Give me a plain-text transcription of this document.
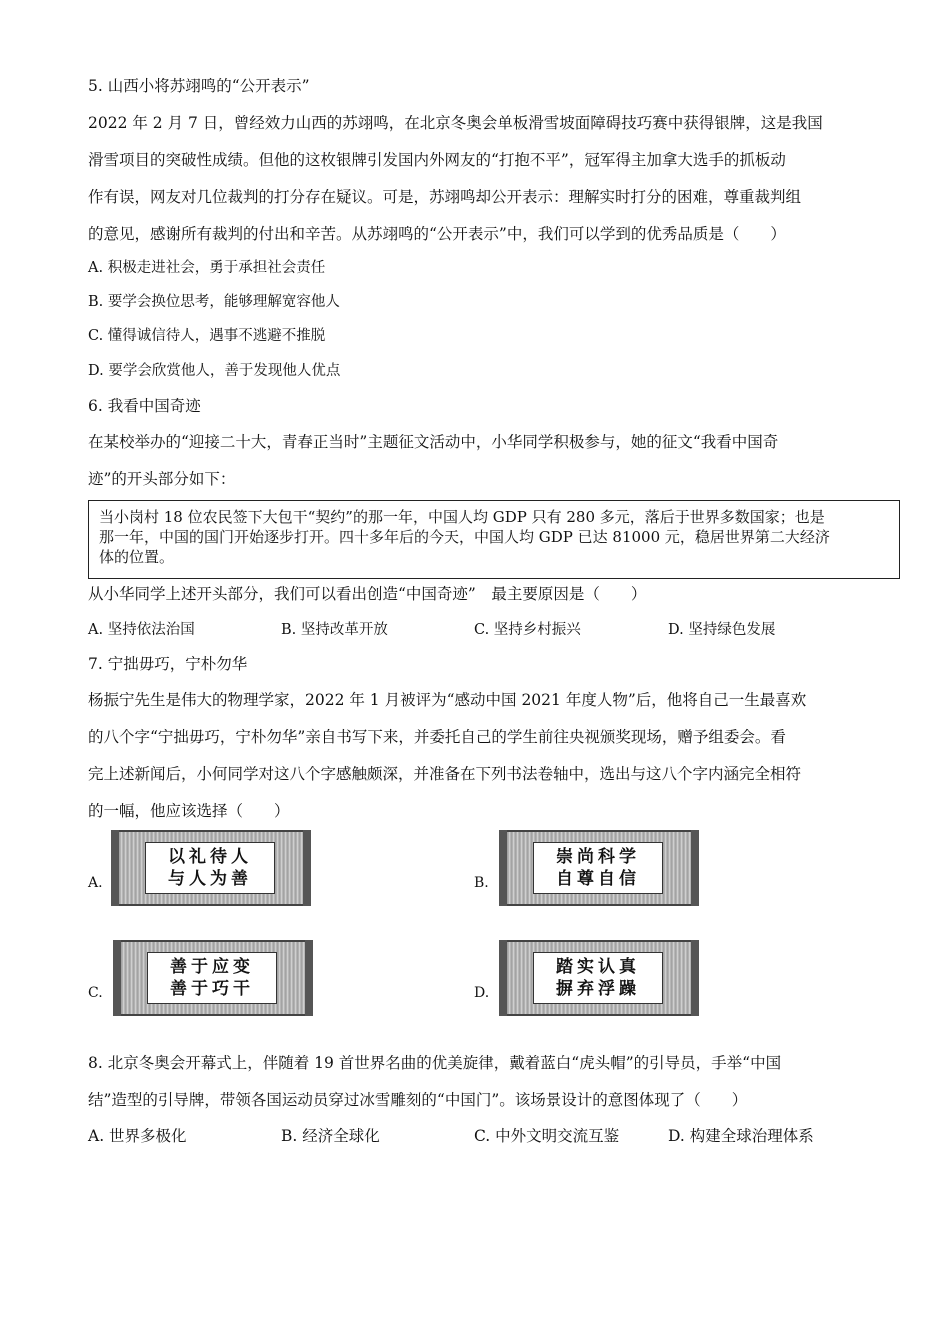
5. 山西小将苏翊鸣的“公开表示”
2022 年 2 月 7 日，曾经效力山西的苏翊鸣，在北京冬奥会单板滑雪坡面障碍技巧赛中获得银牌，这是我国
滑雪项目的突破性成绩。但他的这枚银牌引发国内外网友的“打抱不平”，冠军得主加拿大选手的抓板动
作有误，网友对几位裁判的打分存在疑议。可是，苏翊鸣却公开表示：理解实时打分的困难，尊重裁判组
的意见，感谢所有裁判的付出和辛苦。从苏翊鸣的“公开表示”中，我们可以学到的优秀品质是（　　）
A. 积极走进社会，勇于承担社会责任
B. 要学会换位思考，能够理解宽容他人
C. 懂得诚信待人，遇事不逃避不推脱
D. 要学会欣赏他人，善于发现他人优点
6. 我看中国奇迹
在某校举办的“迎接二十大，青春正当时”主题征文活动中，小华同学积极参与，她的征文“我看中国奇
迹”的开头部分如下：
当小岗村 18 位农民签下大包干“契约”的那一年，中国人均 GDP 只有 280 多元，落后于世界多数国家；也是
那一年，中国的国门开始逐步打开。四十多年后的今天，中国人均 GDP 已达 81000 元，稳居世界第二大经济
体的位置。
从小华同学上述开头部分，我们可以看出创造“中国奇迹”　最主要原因是（　　）
A. 坚持依法治国	B. 坚持改革开放	C. 坚持乡村振兴	D. 坚持绿色发展
7. 宁拙毋巧，宁朴勿华
杨振宁先生是伟大的物理学家，2022 年 1 月被评为“感动中国 2021 年度人物”后，他将自己一生最喜欢
的八个字“宁拙毋巧，宁朴勿华”亲自书写下来，并委托自己的学生前往央视颁奖现场，赠予组委会。看
完上述新闻后，小何同学对这八个字感触颇深，并准备在下列书法卷轴中，选出与这八个字内涵完全相符
的一幅，他应该选择（　　）
A.
以礼待人
与人为善	B.
崇尚科学
自尊自信
C.
善于应变
善于巧干	D.
踏实认真
摒弃浮躁
8. 北京冬奥会开幕式上，伴随着 19 首世界名曲的优美旋律，戴着蓝白“虎头帽”的引导员，手举“中国
结”造型的引导牌，带领各国运动员穿过冰雪雕刻的“中国门”。该场景设计的意图体现了（　　）
A. 世界多极化	B. 经济全球化	C. 中外文明交流互鉴	D. 构建全球治理体系
